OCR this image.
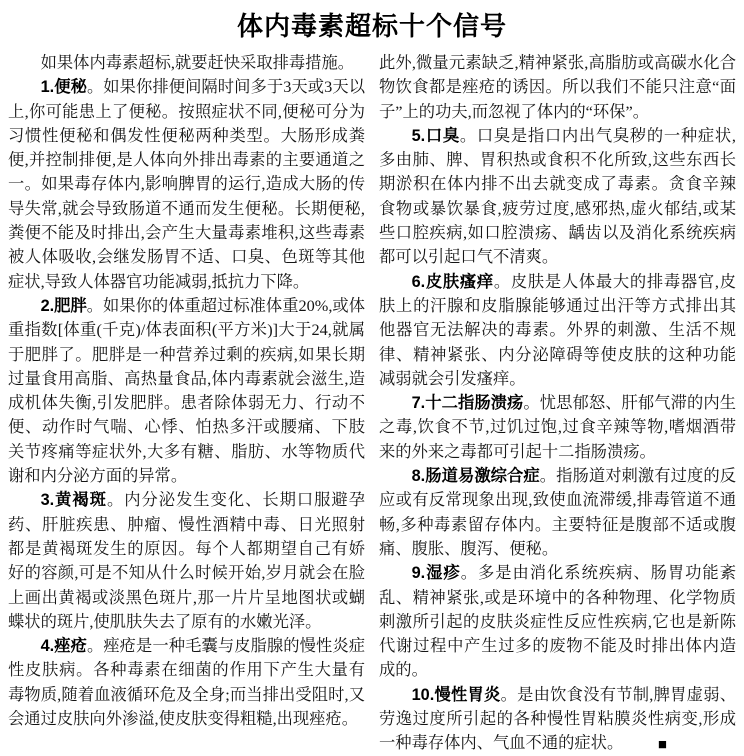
体内毒素超标十个信号

如果体内毒素超标,就要赶快采取排毒措施。

1.便秘。如果你排便间隔时间多于3天或3天以上,你可能患上了便秘。按照症状不同,便秘可分为习惯性便秘和偶发性便秘两种类型。大肠形成粪便,并控制排便,是人体向外排出毒素的主要通道之一。如果毒存体内,影响脾胃的运行,造成大肠的传导失常,就会导致肠道不通而发生便秘。长期便秘,粪便不能及时排出,会产生大量毒素堆积,这些毒素被人体吸收,会继发肠胃不适、口臭、色斑等其他症状,导致人体器官功能减弱,抵抗力下降。

2.肥胖。如果你的体重超过标准体重20%,或体重指数[体重(千克)/体表面积(平方米)]大于24,就属于肥胖了。肥胖是一种营养过剩的疾病,如果长期过量食用高脂、高热量食品,体内毒素就会滋生,造成机体失衡,引发肥胖。患者除体弱无力、行动不便、动作时气喘、心悸、怕热多汗或腰痛、下肢关节疼痛等症状外,大多有糖、脂肪、水等物质代谢和内分泌方面的异常。

3.黄褐斑。内分泌发生变化、长期口服避孕药、肝脏疾患、肿瘤、慢性酒精中毒、日光照射都是黄褐斑发生的原因。每个人都期望自己有娇好的容颜,可是不知从什么时候开始,岁月就会在脸上画出黄褐或淡黑色斑片,那一片片呈地图状或蝴蝶状的斑片,使肌肤失去了原有的水嫩光泽。

4.痤疮。痤疮是一种毛囊与皮脂腺的慢性炎症性皮肤病。各种毒素在细菌的作用下产生大量有毒物质,随着血液循环危及全身;而当排出受阻时,又会通过皮肤向外渗溢,使皮肤变得粗糙,出现痤疮。

此外,微量元素缺乏,精神紧张,高脂肪或高碳水化合物饮食都是痤疮的诱因。所以我们不能只注意“面子”上的功夫,而忽视了体内的“环保”。

5.口臭。口臭是指口内出气臭秽的一种症状,多由肺、脾、胃积热或食积不化所致,这些东西长期淤积在体内排不出去就变成了毒素。贪食辛辣食物或暴饮暴食,疲劳过度,感邪热,虚火郁结,或某些口腔疾病,如口腔溃疡、龋齿以及消化系统疾病都可以引起口气不清爽。

6.皮肤瘙痒。皮肤是人体最大的排毒器官,皮肤上的汗腺和皮脂腺能够通过出汗等方式排出其他器官无法解决的毒素。外界的刺激、生活不规律、精神紧张、内分泌障碍等使皮肤的这种功能减弱就会引发瘙痒。

7.十二指肠溃疡。忧思郁怒、肝郁气滞的内生之毒,饮食不节,过饥过饱,过食辛辣等物,嗜烟酒带来的外来之毒都可引起十二指肠溃疡。

8.肠道易激综合症。指肠道对刺激有过度的反应或有反常现象出现,致使血流滞缓,排毒管道不通畅,多种毒素留存体内。主要特征是腹部不适或腹痛、腹胀、腹泻、便秘。

9.湿疹。多是由消化系统疾病、肠胃功能紊乱、精神紧张,或是环境中的各种物理、化学物质刺激所引起的皮肤炎症性反应性疾病,它也是新陈代谢过程中产生过多的废物不能及时排出体内造成的。

10.慢性胃炎。是由饮食没有节制,脾胃虚弱、劳逸过度所引起的各种慢性胃粘膜炎性病变,形成一种毒存体内、气血不通的症状。 ■
